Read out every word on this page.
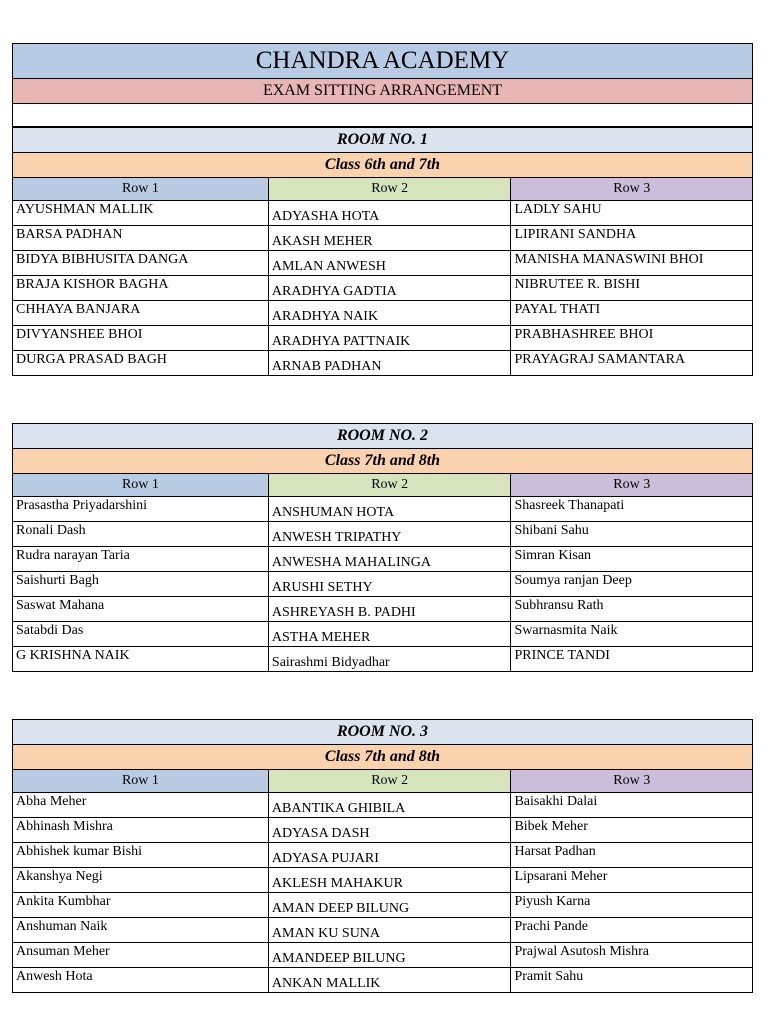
CHANDRA ACADEMY
EXAM SITTING ARRANGEMENT

ROOM NO. 1		
Class 6th and 7th		
Row 1	Row 2	Row 3
AYUSHMAN MALLIK	ADYASHA HOTA	LADLY SAHU
BARSA PADHAN	AKASH MEHER	LIPIRANI SANDHA
BIDYA BIBHUSITA DANGA	AMLAN ANWESH	MANISHA MANASWINI BHOI
BRAJA KISHOR BAGHA	ARADHYA GADTIA	NIBRUTEE R. BISHI
CHHAYA BANJARA	ARADHYA NAIK	PAYAL THATI
DIVYANSHEE BHOI	ARADHYA PATTNAIK	PRABHASHREE BHOI
DURGA PRASAD BAGH	ARNAB PADHAN	PRAYAGRAJ SAMANTARA
ROOM NO. 2		
Class 7th and 8th		
Row 1	Row 2	Row 3
Prasastha Priyadarshini	ANSHUMAN HOTA	Shasreek Thanapati
Ronali Dash	ANWESH TRIPATHY	Shibani Sahu
Rudra narayan Taria	ANWESHA MAHALINGA	Simran Kisan
Saishurti Bagh	ARUSHI SETHY	Soumya ranjan Deep
Saswat Mahana	ASHREYASH B. PADHI	Subhransu Rath
Satabdi Das	ASTHA MEHER	Swarnasmita Naik
G KRISHNA NAIK	Sairashmi Bidyadhar	PRINCE TANDI
ROOM NO. 3		
Class 7th and 8th		
Row 1	Row 2	Row 3
Abha Meher	ABANTIKA GHIBILA	Baisakhi Dalai
Abhinash Mishra	ADYASA DASH	Bibek Meher
Abhishek kumar Bishi	ADYASA PUJARI	Harsat Padhan
Akanshya Negi	AKLESH MAHAKUR	Lipsarani Meher
Ankita Kumbhar	AMAN DEEP BILUNG	Piyush Karna
Anshuman Naik	AMAN KU SUNA	Prachi Pande
Ansuman Meher	AMANDEEP BILUNG	Prajwal Asutosh Mishra
Anwesh Hota	ANKAN MALLIK	Pramit Sahu
